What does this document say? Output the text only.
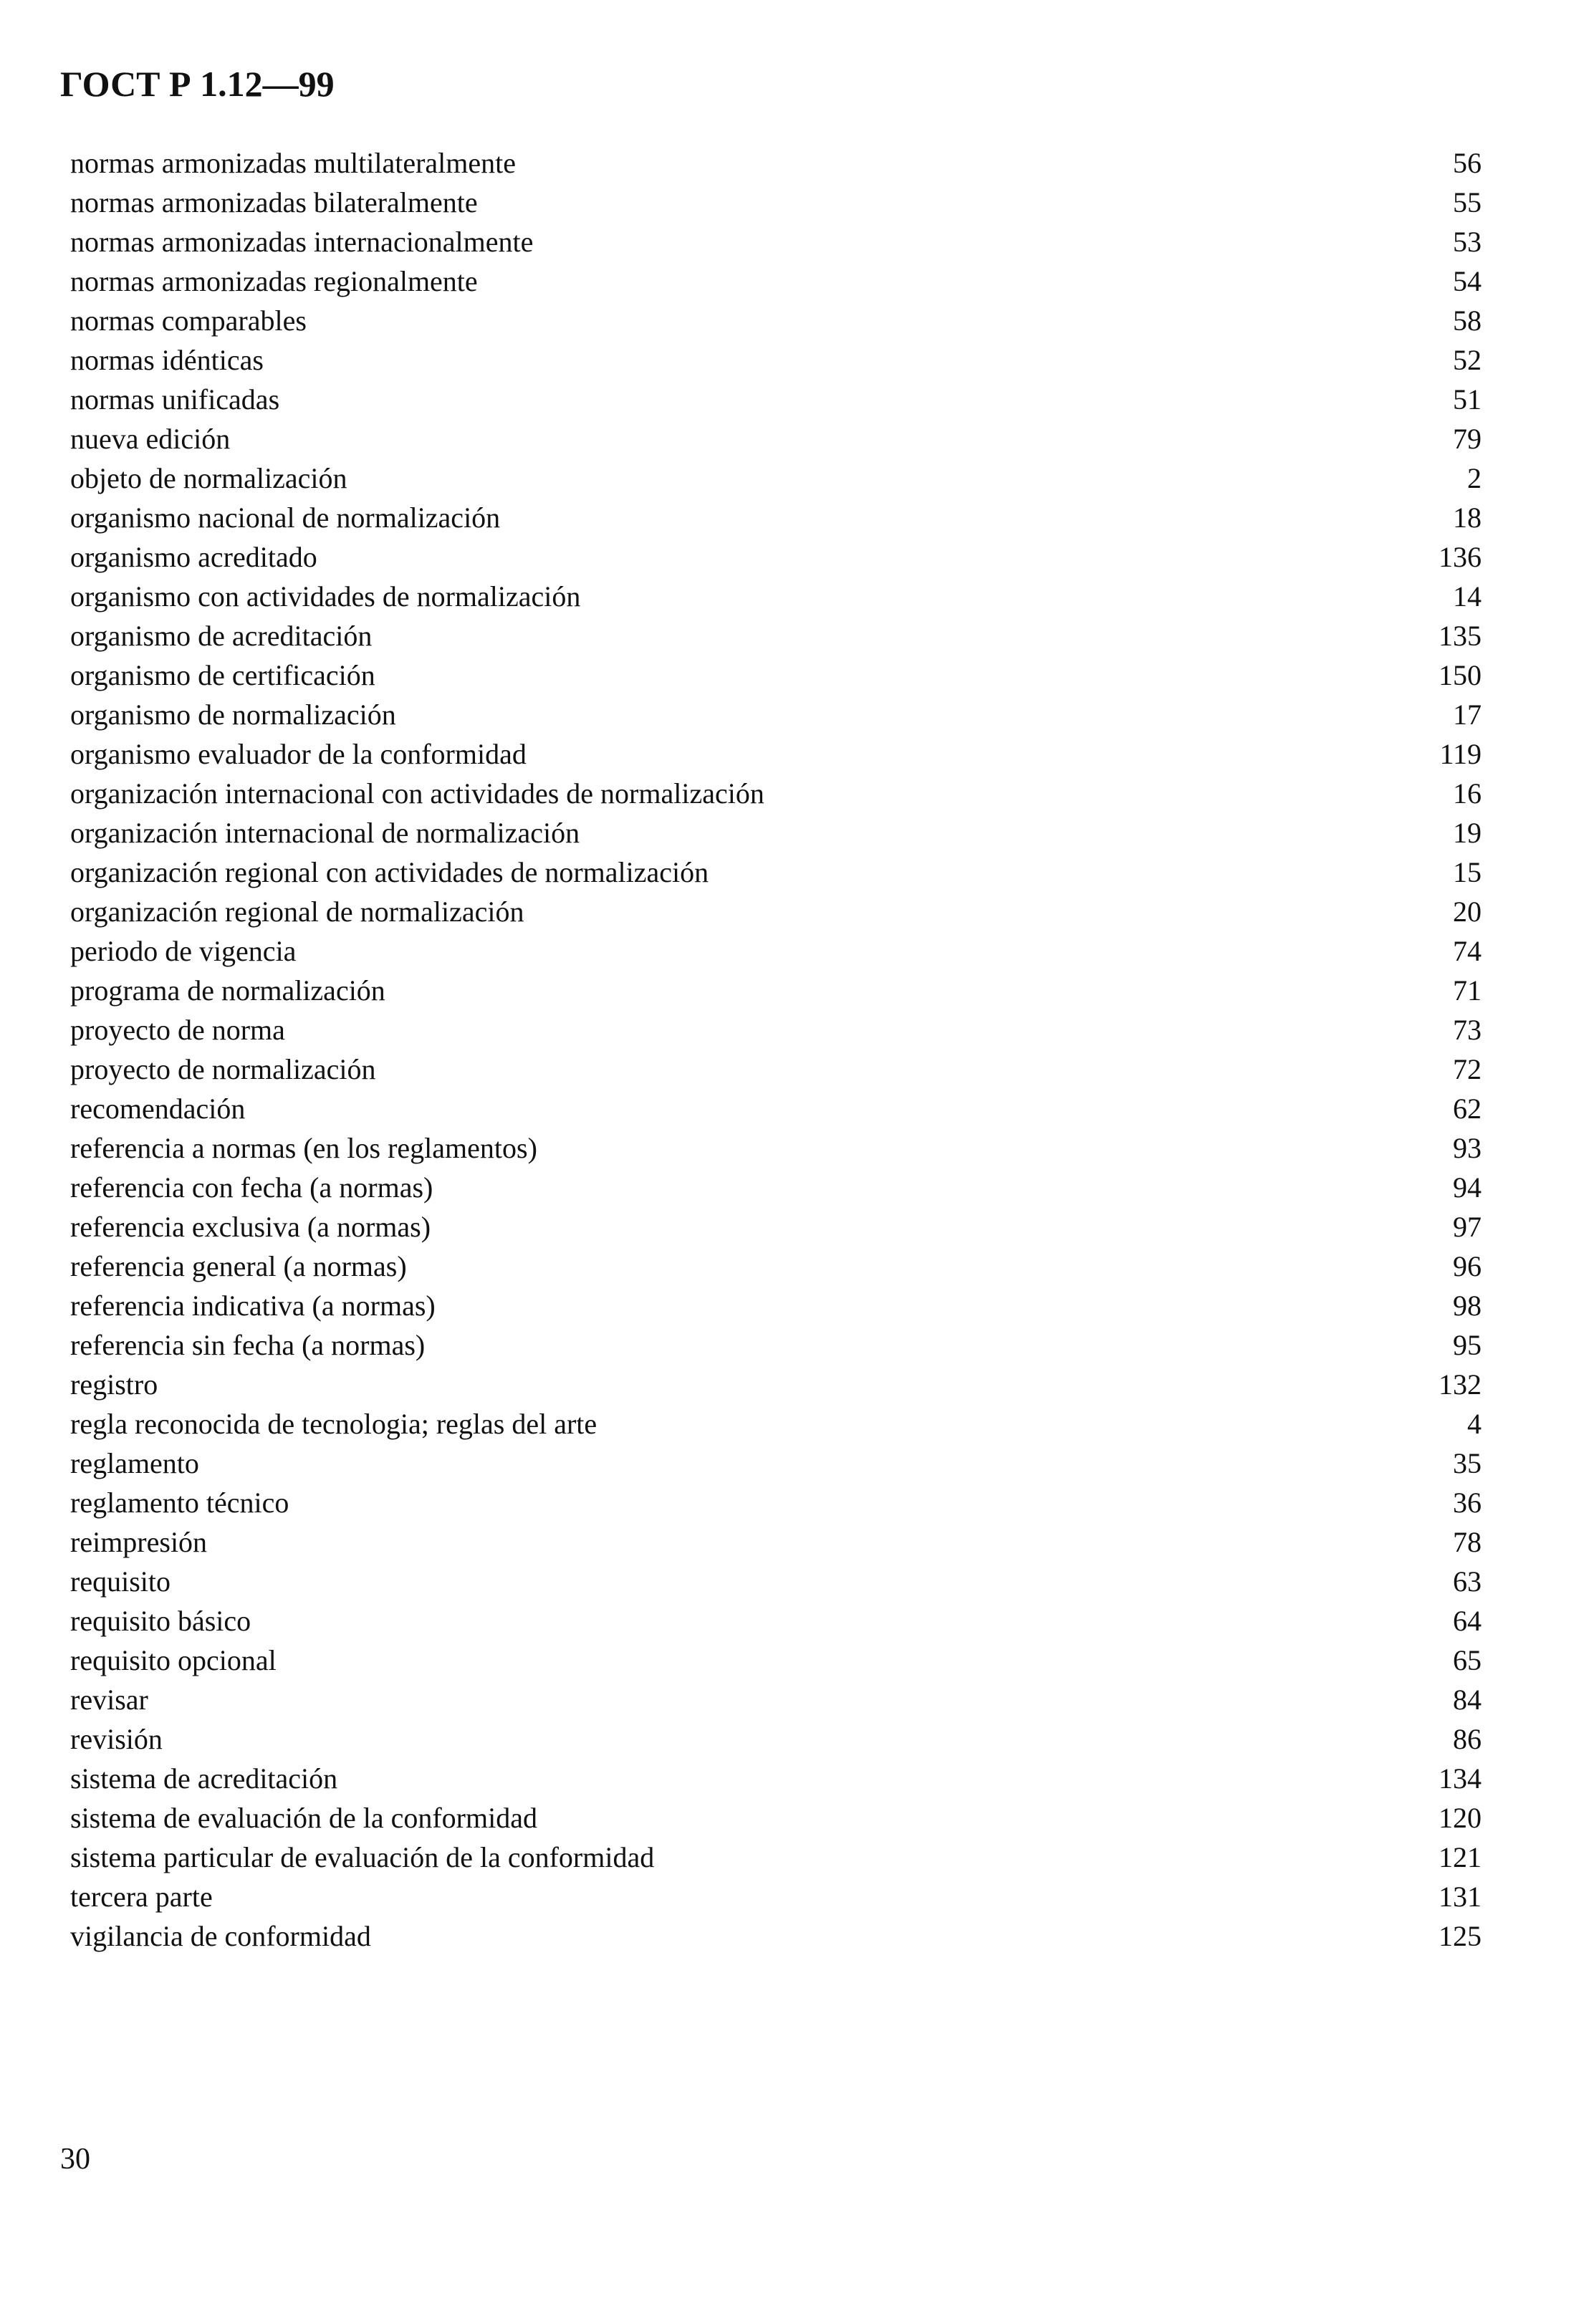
ГОСТ Р 1.12—99
normas armonizadas multilateralmente	56
normas armonizadas bilateralmente	55
normas armonizadas internacionalmente	53
normas armonizadas regionalmente	54
normas comparables	58
normas idénticas	52
normas unificadas	51
nueva edición	79
objeto de normalización	2
organismo nacional de normalización	18
organismo acreditado	136
organismo con actividades de normalización	14
organismo de acreditación	135
organismo de certificación	150
organismo de normalización	17
organismo evaluador de la conformidad	119
organización internacional con actividades de normalización	16
organización internacional de normalización	19
organización regional con actividades de normalización	15
organización regional de normalización	20
periodo de vigencia	74
programa de normalización	71
proyecto de norma	73
proyecto de normalización	72
recomendación	62
referencia a normas (en los reglamentos)	93
referencia con fecha (a normas)	94
referencia exclusiva (a normas)	97
referencia general (a normas)	96
referencia indicativa (a normas)	98
referencia sin fecha (a normas)	95
registro	132
regla reconocida de tecnologia; reglas del arte	4
reglamento	35
reglamento técnico	36
reimpresión	78
requisito	63
requisito básico	64
requisito opcional	65
revisar	84
revisión	86
sistema de acreditación	134
sistema de evaluación de la conformidad	120
sistema particular de evaluación de la conformidad	121
tercera parte	131
vigilancia de conformidad	125
30
